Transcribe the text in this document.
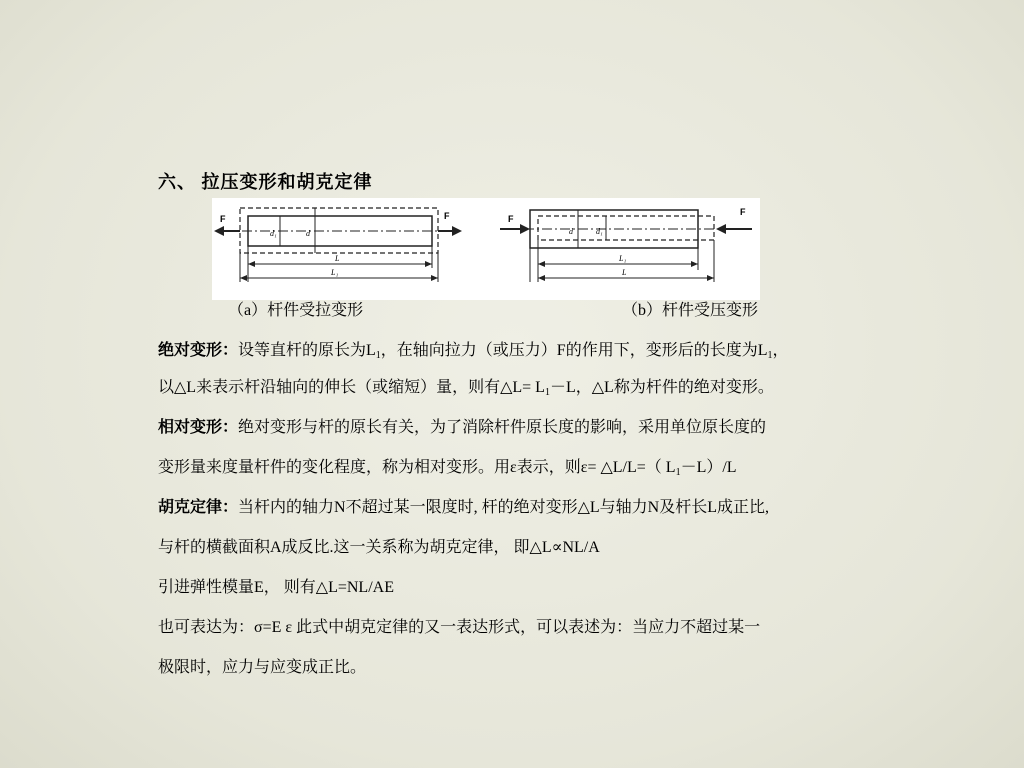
六、 拉压变形和胡克定律
F	F
d₁	d
L
L₁
F
F
d	d₁
L₁
L
（a）杆件受拉变形	（b）杆件受压变形
绝对变形：设等直杆的原长为$L_1$，在轴向拉力（或压力）F的作用下，变形后的长度为$L_1$，
以△L来表示杆沿轴向的伸长（或缩短）量，则有△L= $L_1-L$，△L称为杆件的绝对变形。
相对变形：绝对变形与杆的原长有关，为了消除杆件原长度的影响，采用单位原长度的
变形量来度量杆件的变化程度，称为相对变形。用ε表示，则ε= △L/L=（ $L_1-L)/L$
胡克定律：当杆内的轴力N不超过某一限度时, 杆的绝对变形△L与轴力N及杆长L成正比,
与杆的横截面积A成反比.这一关系称为胡克定律， 即△L∝NL/A
引进弹性模量E， 则有△L=NL/AE
也可表达为：σ=E ε 此式中胡克定律的又一表达形式，可以表述为：当应力不超过某一
极限时，应力与应变成正比。
